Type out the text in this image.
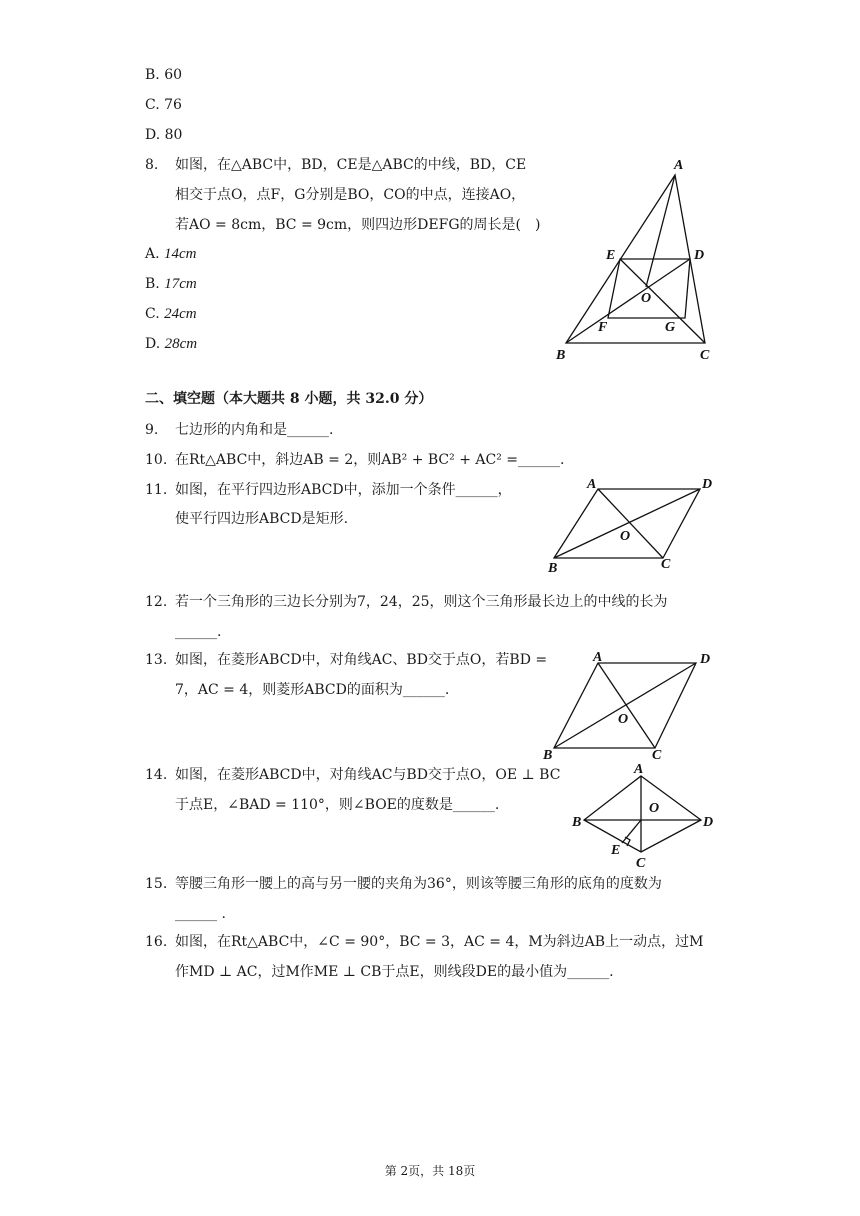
B. 60
C. 76
D. 80
8. 如图，在△ABC中，BD，CE是△ABC的中线，BD，CE
相交于点O，点F，G分别是BO，CO的中点，连接AO，
若AO = 8cm，BC = 9cm，则四边形DEFG的周长是(　)
A. 14cm
B. 17cm
C. 24cm
D. 28cm
A
E	D
O
F	G
B	C
二、填空题（本大题共 8 小题，共 32.0 分）
9. 七边形的内角和是______.
10. 在Rt△ABC中，斜边AB = 2，则AB² + BC² + AC² =______.
11. 如图，在平行四边形ABCD中，添加一个条件______，
使平行四边形ABCD是矩形.
A	D
O
B	C
12. 若一个三角形的三边长分别为7，24，25，则这个三角形最长边上的中线的长为
______.
13. 如图，在菱形ABCD中，对角线AC、BD交于点O，若BD =
7，AC = 4，则菱形ABCD的面积为______.
A	D
O
B	C
14. 如图，在菱形ABCD中，对角线AC与BD交于点O，OE ⊥ BC
于点E，∠BAD = 110°，则∠BOE的度数是______.
A
B
O
D
E
C
15. 等腰三角形一腰上的高与另一腰的夹角为36°，则该等腰三角形的底角的度数为
______ .
16. 如图，在Rt△ABC中，∠C = 90°，BC = 3，AC = 4，M为斜边AB上一动点，过M
作MD ⊥ AC，过M作ME ⊥ CB于点E，则线段DE的最小值为______.
第 2页，共 18页
